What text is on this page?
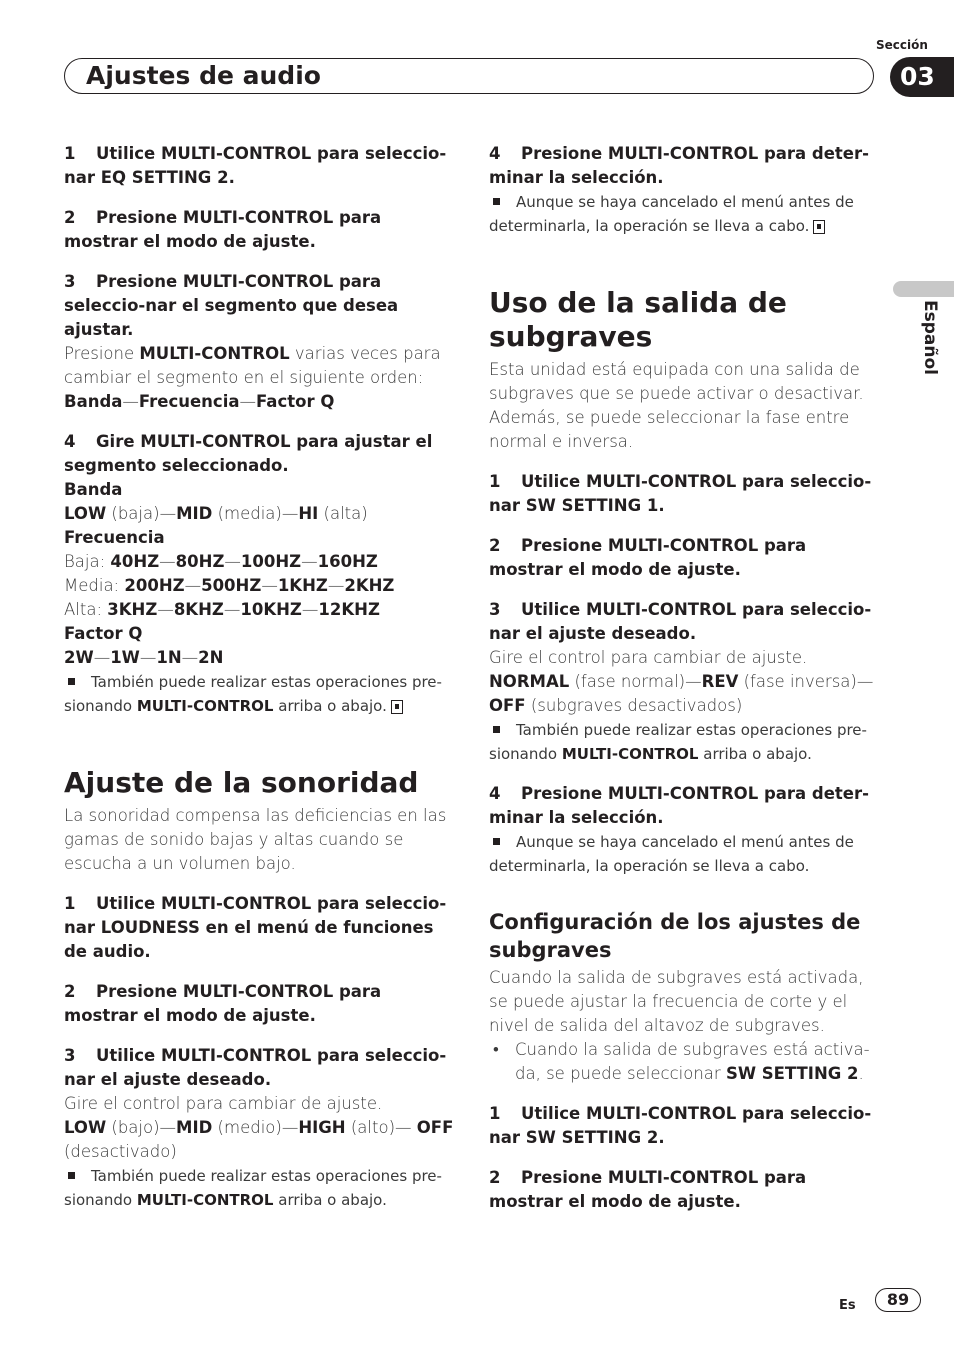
Sección
Ajustes de audio	03
Español

1 Utilice MULTI-CONTROL para seleccio-nar EQ SETTING 2.

2 Presione MULTI-CONTROL para mostrar el modo de ajuste.

3 Presione MULTI-CONTROL para seleccio-nar el segmento que desea ajustar.

Presione MULTI-CONTROL varias veces para cambiar el segmento en el siguiente orden:

Banda—Frecuencia—Factor Q

4 Gire MULTI-CONTROL para ajustar el segmento seleccionado.

Banda

LOW (baja)—MID (media)—HI (alta)

Frecuencia

Baja: 40HZ—80HZ—100HZ—160HZ

Media: 200HZ—500HZ—1KHZ—2KHZ

Alta: 3KHZ—8KHZ—10KHZ—12KHZ

Factor Q

2W—1W—1N—2N

También puede realizar estas operaciones pre-sionando MULTI-CONTROL arriba o abajo.

Ajuste de la sonoridad

La sonoridad compensa las deficiencias en las gamas de sonido bajas y altas cuando se escucha a un volumen bajo.

1 Utilice MULTI-CONTROL para seleccio-nar LOUDNESS en el menú de funciones de audio.

2 Presione MULTI-CONTROL para mostrar el modo de ajuste.

3 Utilice MULTI-CONTROL para seleccio-nar el ajuste deseado.

Gire el control para cambiar de ajuste.

LOW (bajo)—MID (medio)—HIGH (alto)— OFF (desactivado)

También puede realizar estas operaciones pre-sionando MULTI-CONTROL arriba o abajo.

4 Presione MULTI-CONTROL para deter-minar la selección.

Aunque se haya cancelado el menú antes de determinarla, la operación se lleva a cabo.

Uso de la salida de subgraves

Esta unidad está equipada con una salida de subgraves que se puede activar o desactivar. Además, se puede seleccionar la fase entre normal e inversa.

1 Utilice MULTI-CONTROL para seleccio-nar SW SETTING 1.

2 Presione MULTI-CONTROL para mostrar el modo de ajuste.

3 Utilice MULTI-CONTROL para seleccio-nar el ajuste deseado.

Gire el control para cambiar de ajuste.

NORMAL (fase normal)—REV (fase inversa)— OFF (subgraves desactivados)

También puede realizar estas operaciones pre-sionando MULTI-CONTROL arriba o abajo.

4 Presione MULTI-CONTROL para deter-minar la selección.

Aunque se haya cancelado el menú antes de determinarla, la operación se lleva a cabo.

Configuración de los ajustes de subgraves

Cuando la salida de subgraves está activada, se puede ajustar la frecuencia de corte y el nivel de salida del altavoz de subgraves.

• Cuando la salida de subgraves está activa-da, se puede seleccionar SW SETTING 2.

1 Utilice MULTI-CONTROL para seleccio-nar SW SETTING 2.

2 Presione MULTI-CONTROL para mostrar el modo de ajuste.

Es	89
